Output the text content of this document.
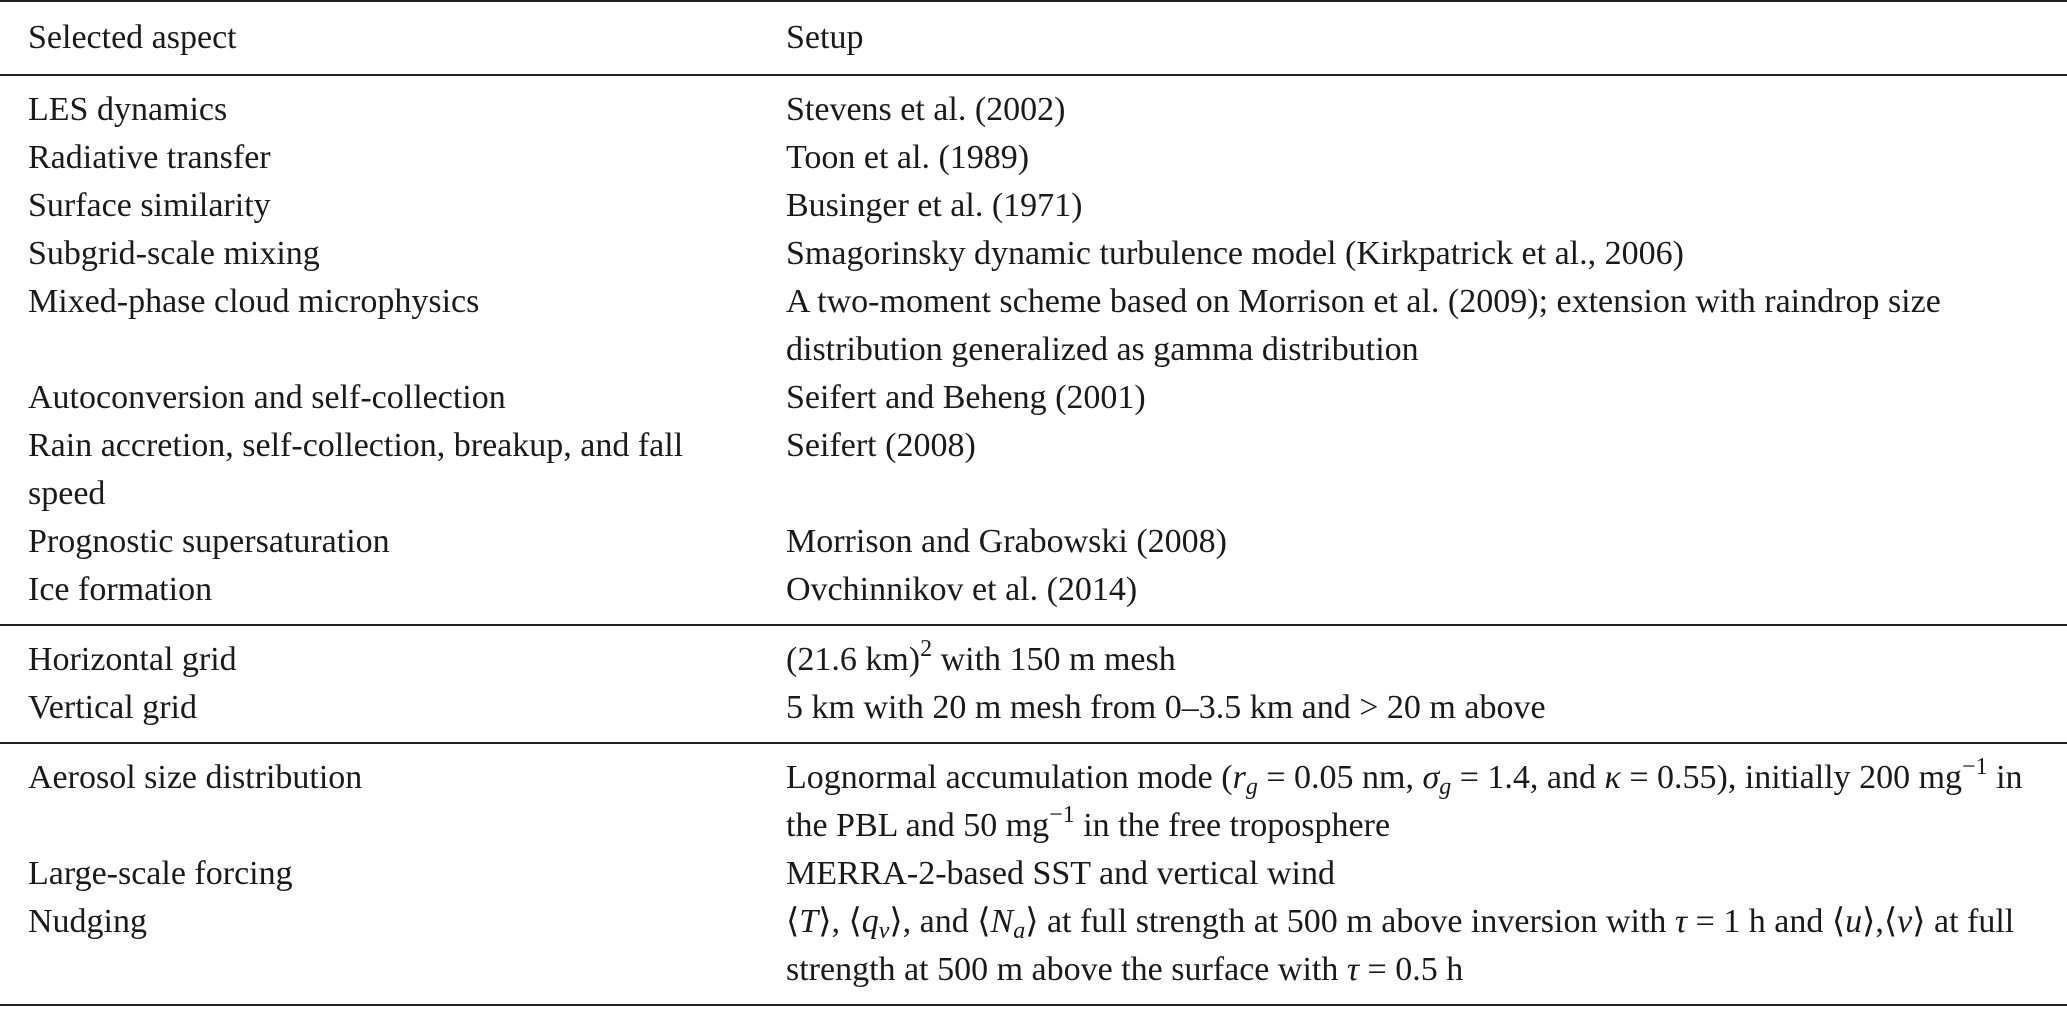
Selected aspect	Setup
LES dynamics	Stevens et al. (2002)
Radiative transfer	Toon et al. (1989)
Surface similarity	Businger et al. (1971)
Subgrid-scale mixing	Smagorinsky dynamic turbulence model (Kirkpatrick et al., 2006)
Mixed-phase cloud microphysics	A two-moment scheme based on Morrison et al. (2009); extension with raindrop size distribution generalized as gamma distribution
Autoconversion and self-collection	Seifert and Beheng (2001)
Rain accretion, self-collection, breakup, and fall speed	Seifert (2008)
Prognostic supersaturation	Morrison and Grabowski (2008)
Ice formation	Ovchinnikov et al. (2014)
Horizontal grid	(21.6 km)$^2$ with 150 m mesh
Vertical grid	5 km with 20 m mesh from 0–3.5 km and > 20 m above
Aerosol size distribution	Lognormal accumulation mode ($r_g = 0.05$ nm, $\sigma_g = 1.4$, and κ = 0.55), initially 200 $mg^{-1}$ in the PBL and 50 $mg^{-1}$ in the free troposphere
Large-scale forcing	MERRA-2-based SST and vertical wind
Nudging	⟨T⟩, $⟨q_v⟩$, and $⟨N_a⟩$ at full strength at 500 m above inversion with τ = 1 h and ⟨u⟩,⟨v⟩ at full strength at 500 m above the surface with τ = 0.5 h
